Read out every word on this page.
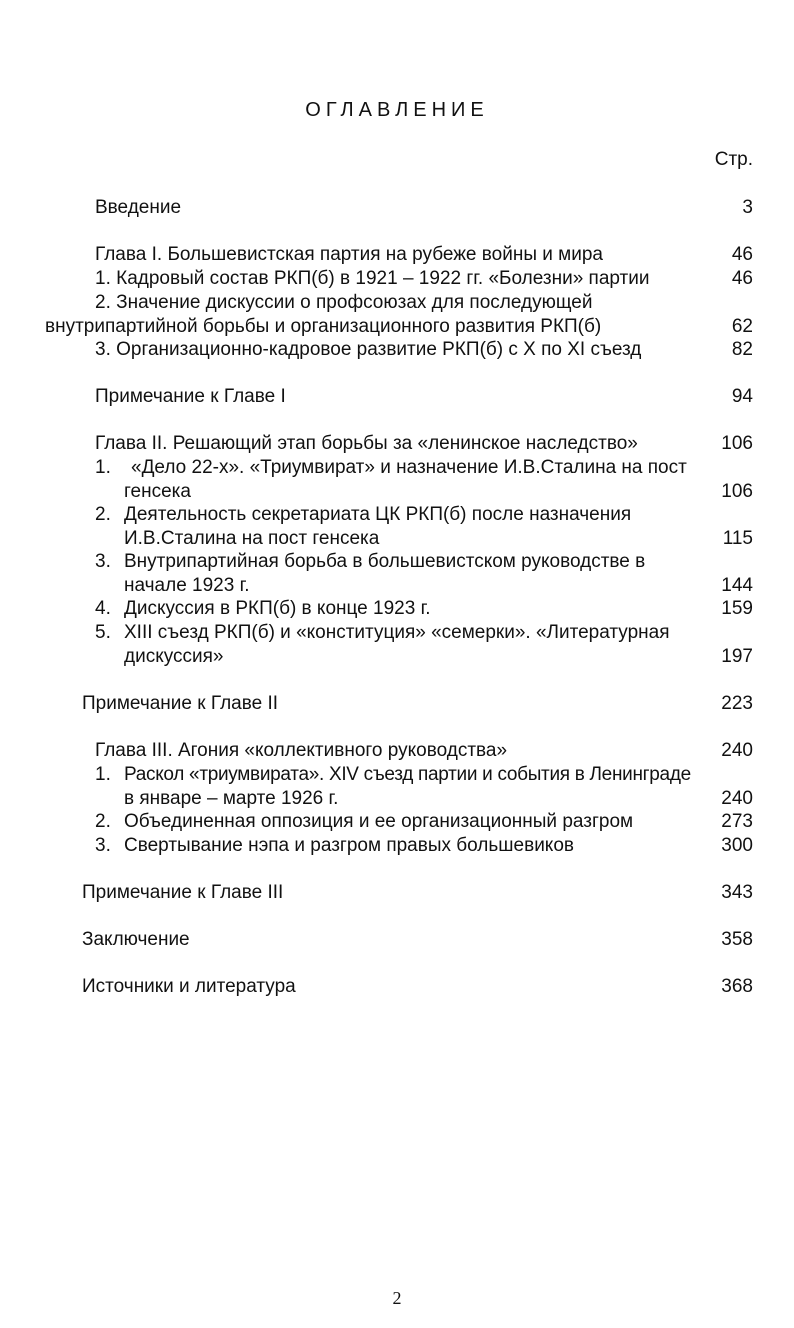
ОГЛАВЛЕНИЕ
Стр.
Введение	3
Глава I. Большевистская партия на рубеже войны и мира	46
1. Кадровый состав РКП(б) в 1921 – 1922 гг. «Болезни» партии	46
2. Значение дискуссии о профсоюзах для последующей
внутрипартийной борьбы и организационного развития РКП(б)	62
3. Организационно-кадровое развитие РКП(б) с X по XI съезд	82
Примечание к Главе I	94
Глава II. Решающий этап борьбы за «ленинское наследство»	106
1. «Дело 22-х». «Триумвират» и назначение И.В.Сталина на пост
генсека	106
2. Деятельность секретариата ЦК РКП(б) после назначения
И.В.Сталина на пост генсека	115
3. Внутрипартийная борьба в большевистском руководстве в
начале 1923 г.	144
4. Дискуссия в РКП(б) в конце 1923 г.	159
5. XIII съезд РКП(б) и «конституция» «семерки». «Литературная
дискуссия»	197
Примечание к Главе II	223
Глава III. Агония «коллективного руководства»	240
1. Раскол «триумвирата». XIV съезд партии и события в Ленинграде
в январе – марте 1926 г.	240
2. Объединенная оппозиция и ее организационный разгром	273
3. Свертывание нэпа и разгром правых большевиков	300
Примечание к Главе III	343
Заключение	358
Источники и литература	368
2
